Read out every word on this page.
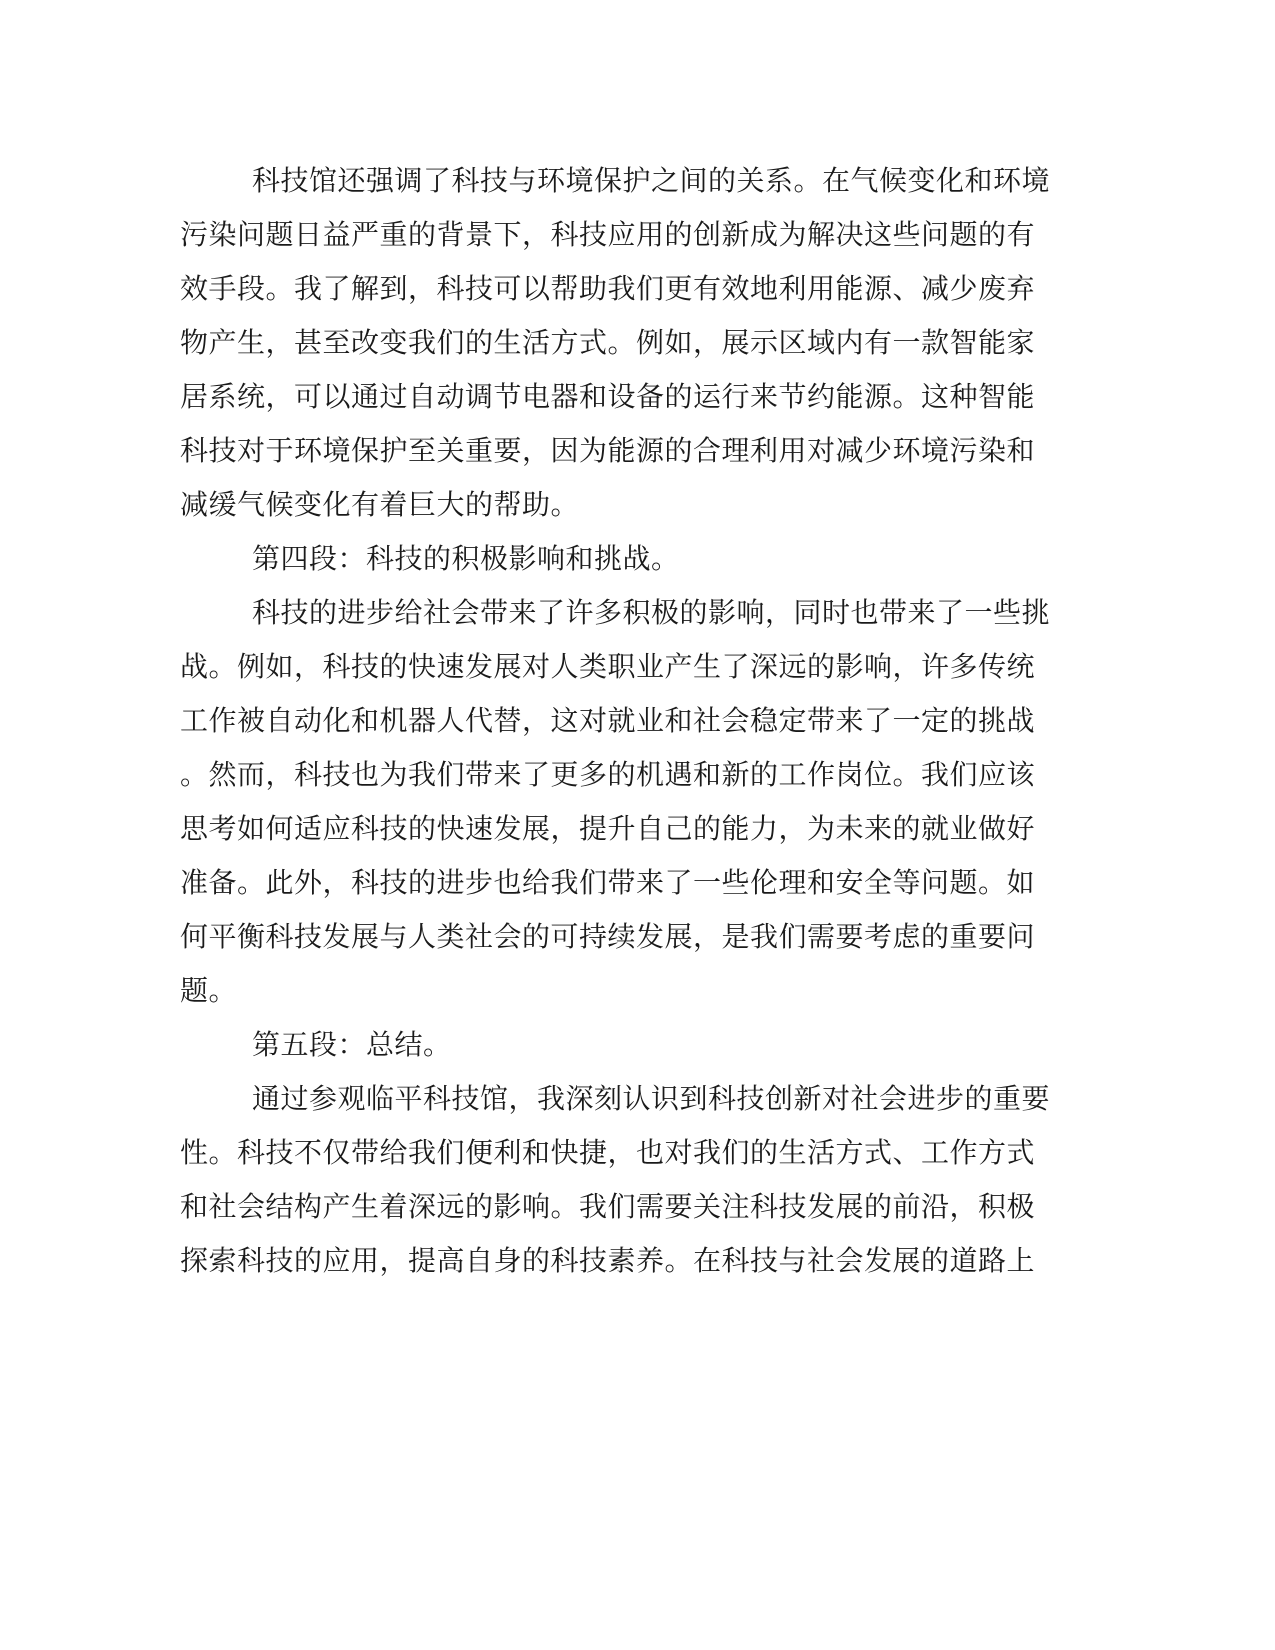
科技馆还强调了科技与环境保护之间的关系。在气候变化和环境
污染问题日益严重的背景下，科技应用的创新成为解决这些问题的有
效手段。我了解到，科技可以帮助我们更有效地利用能源、减少废弃
物产生，甚至改变我们的生活方式。例如，展示区域内有一款智能家
居系统，可以通过自动调节电器和设备的运行来节约能源。这种智能
科技对于环境保护至关重要，因为能源的合理利用对减少环境污染和
减缓气候变化有着巨大的帮助。
第四段：科技的积极影响和挑战。
科技的进步给社会带来了许多积极的影响，同时也带来了一些挑
战。例如，科技的快速发展对人类职业产生了深远的影响，许多传统
工作被自动化和机器人代替，这对就业和社会稳定带来了一定的挑战
。然而，科技也为我们带来了更多的机遇和新的工作岗位。我们应该
思考如何适应科技的快速发展，提升自己的能力，为未来的就业做好
准备。此外，科技的进步也给我们带来了一些伦理和安全等问题。如
何平衡科技发展与人类社会的可持续发展，是我们需要考虑的重要问
题。
第五段：总结。
通过参观临平科技馆，我深刻认识到科技创新对社会进步的重要
性。科技不仅带给我们便利和快捷，也对我们的生活方式、工作方式
和社会结构产生着深远的影响。我们需要关注科技发展的前沿，积极
探索科技的应用，提高自身的科技素养。在科技与社会发展的道路上
